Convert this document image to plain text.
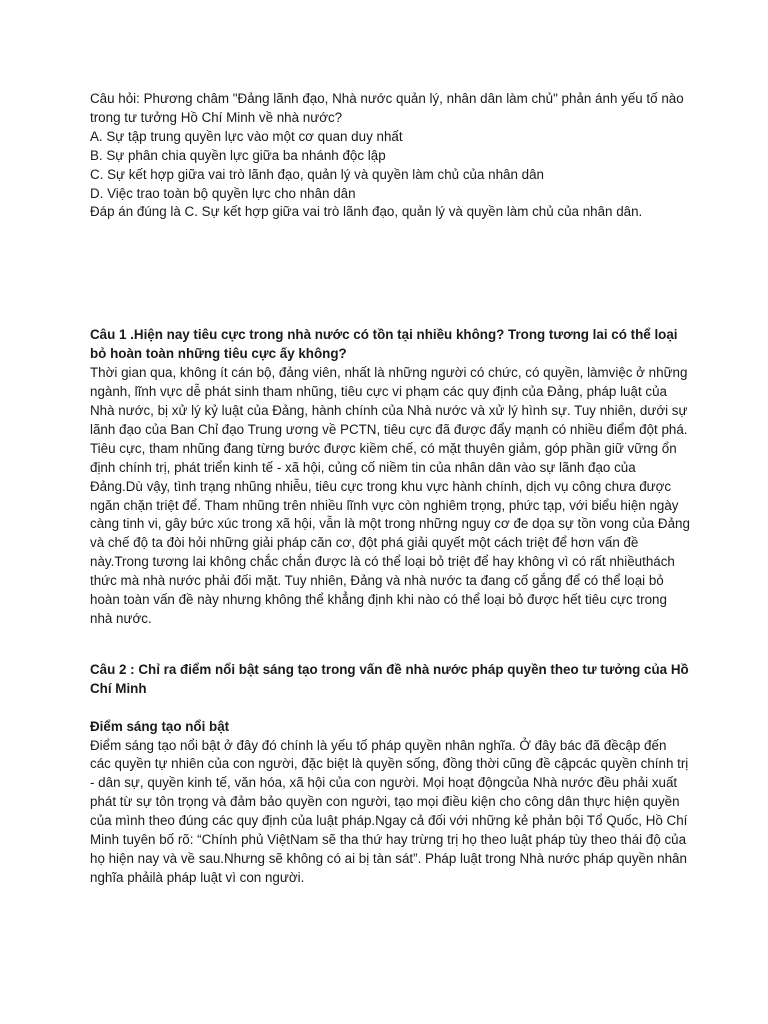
Câu hỏi: Phương châm "Đảng lãnh đạo, Nhà nước quản lý, nhân dân làm chủ" phản ánh yếu tố nào trong tư tưởng Hồ Chí Minh về nhà nước?
A. Sự tập trung quyền lực vào một cơ quan duy nhất
B. Sự phân chia quyền lực giữa ba nhánh độc lập
C. Sự kết hợp giữa vai trò lãnh đạo, quản lý và quyền làm chủ của nhân dân
D. Việc trao toàn bộ quyền lực cho nhân dân
Đáp án đúng là C. Sự kết hợp giữa vai trò lãnh đạo, quản lý và quyền làm chủ của nhân dân.
Câu 1 .Hiện nay tiêu cực trong nhà nước có tồn tại nhiều không? Trong tương lai có thể loại bỏ hoàn toàn những tiêu cực ấy không?
Thời gian qua, không ít cán bộ, đảng viên, nhất là những người có chức, có quyền, làmviệc ở những ngành, lĩnh vực dễ phát sinh tham nhũng, tiêu cực vi phạm các quy định của Đảng, pháp luật của Nhà nước, bị xử lý kỷ luật của Đảng, hành chính của Nhà nước và xử lý hình sự. Tuy nhiên, dưới sự lãnh đạo của Ban Chỉ đạo Trung ương về PCTN, tiêu cực đã được đẩy mạnh có nhiều điểm đột phá. Tiêu cực, tham nhũng đang từng bước được kiềm chế, có mặt thuyên giảm, góp phần giữ vững ổn định chính trị, phát triển kinh tế - xã hội, củng cố niềm tin của nhân dân vào sự lãnh đạo của Đảng.Dù vậy, tình trạng nhũng nhiễu, tiêu cực trong khu vực hành chính, dịch vụ công chưa được ngăn chặn triệt để. Tham nhũng trên nhiều lĩnh vực còn nghiêm trọng, phức tạp, với biểu hiện ngày càng tinh vi, gây bức xúc trong xã hội, vẫn là một trong những nguy cơ đe dọa sự tồn vong của Đảng và chế độ ta đòi hỏi những giải pháp căn cơ, đột phá giải quyết một cách triệt để hơn vấn đề này.Trong tương lai không chắc chắn được là có thể loại bỏ triệt để hay không vì có rất nhiềuthách thức mà nhà nước phải đối mặt. Tuy nhiên, Đảng và nhà nước ta đang cố gắng để có thể loại bỏ hoàn toàn vấn đề này nhưng không thể khẳng định khi nào có thể loại bỏ được hết tiêu cực trong nhà nước.
Câu 2 : Chỉ ra điểm nổi bật sáng tạo trong vấn đề nhà nước pháp quyền theo tư tưởng của Hồ Chí Minh
Điểm sáng tạo nổi bật
Điểm sáng tạo nổi bật ở đây đó chính là yếu tố pháp quyền nhân nghĩa. Ở đây bác đã đềcập đến các quyền tự nhiên của con người, đặc biệt là quyền sống, đồng thời cũng đề cậpcác quyền chính trị - dân sự, quyền kinh tế, văn hóa, xã hội của con người. Mọi hoạt độngcủa Nhà nước đều phải xuất phát từ sự tôn trọng và đảm bảo quyền con người, tạo mọi điều kiện cho công dân thực hiện quyền của mình theo đúng các quy định của luật pháp.Ngay cả đối với những kẻ phản bội Tổ Quốc, Hồ Chí Minh tuyên bố rõ: “Chính phủ ViệtNam sẽ tha thứ hay trừng trị họ theo luật pháp tùy theo thái độ của họ hiện nay và về sau.Nhưng sẽ không có ai bị tàn sát”. Pháp luật trong Nhà nước pháp quyền nhân nghĩa phảilà pháp luật vì con người.
